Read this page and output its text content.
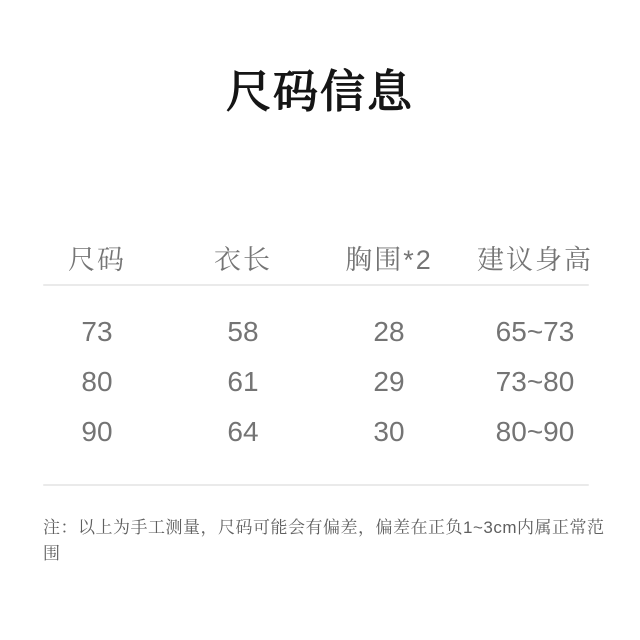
尺码信息
尺码	衣长	胸围*2	建议身高
73	58	28	65~73
80	61	29	73~80
90	64	30	80~90

注：以上为手工测量，尺码可能会有偏差，偏差在正负1~3cm内属正常范围
